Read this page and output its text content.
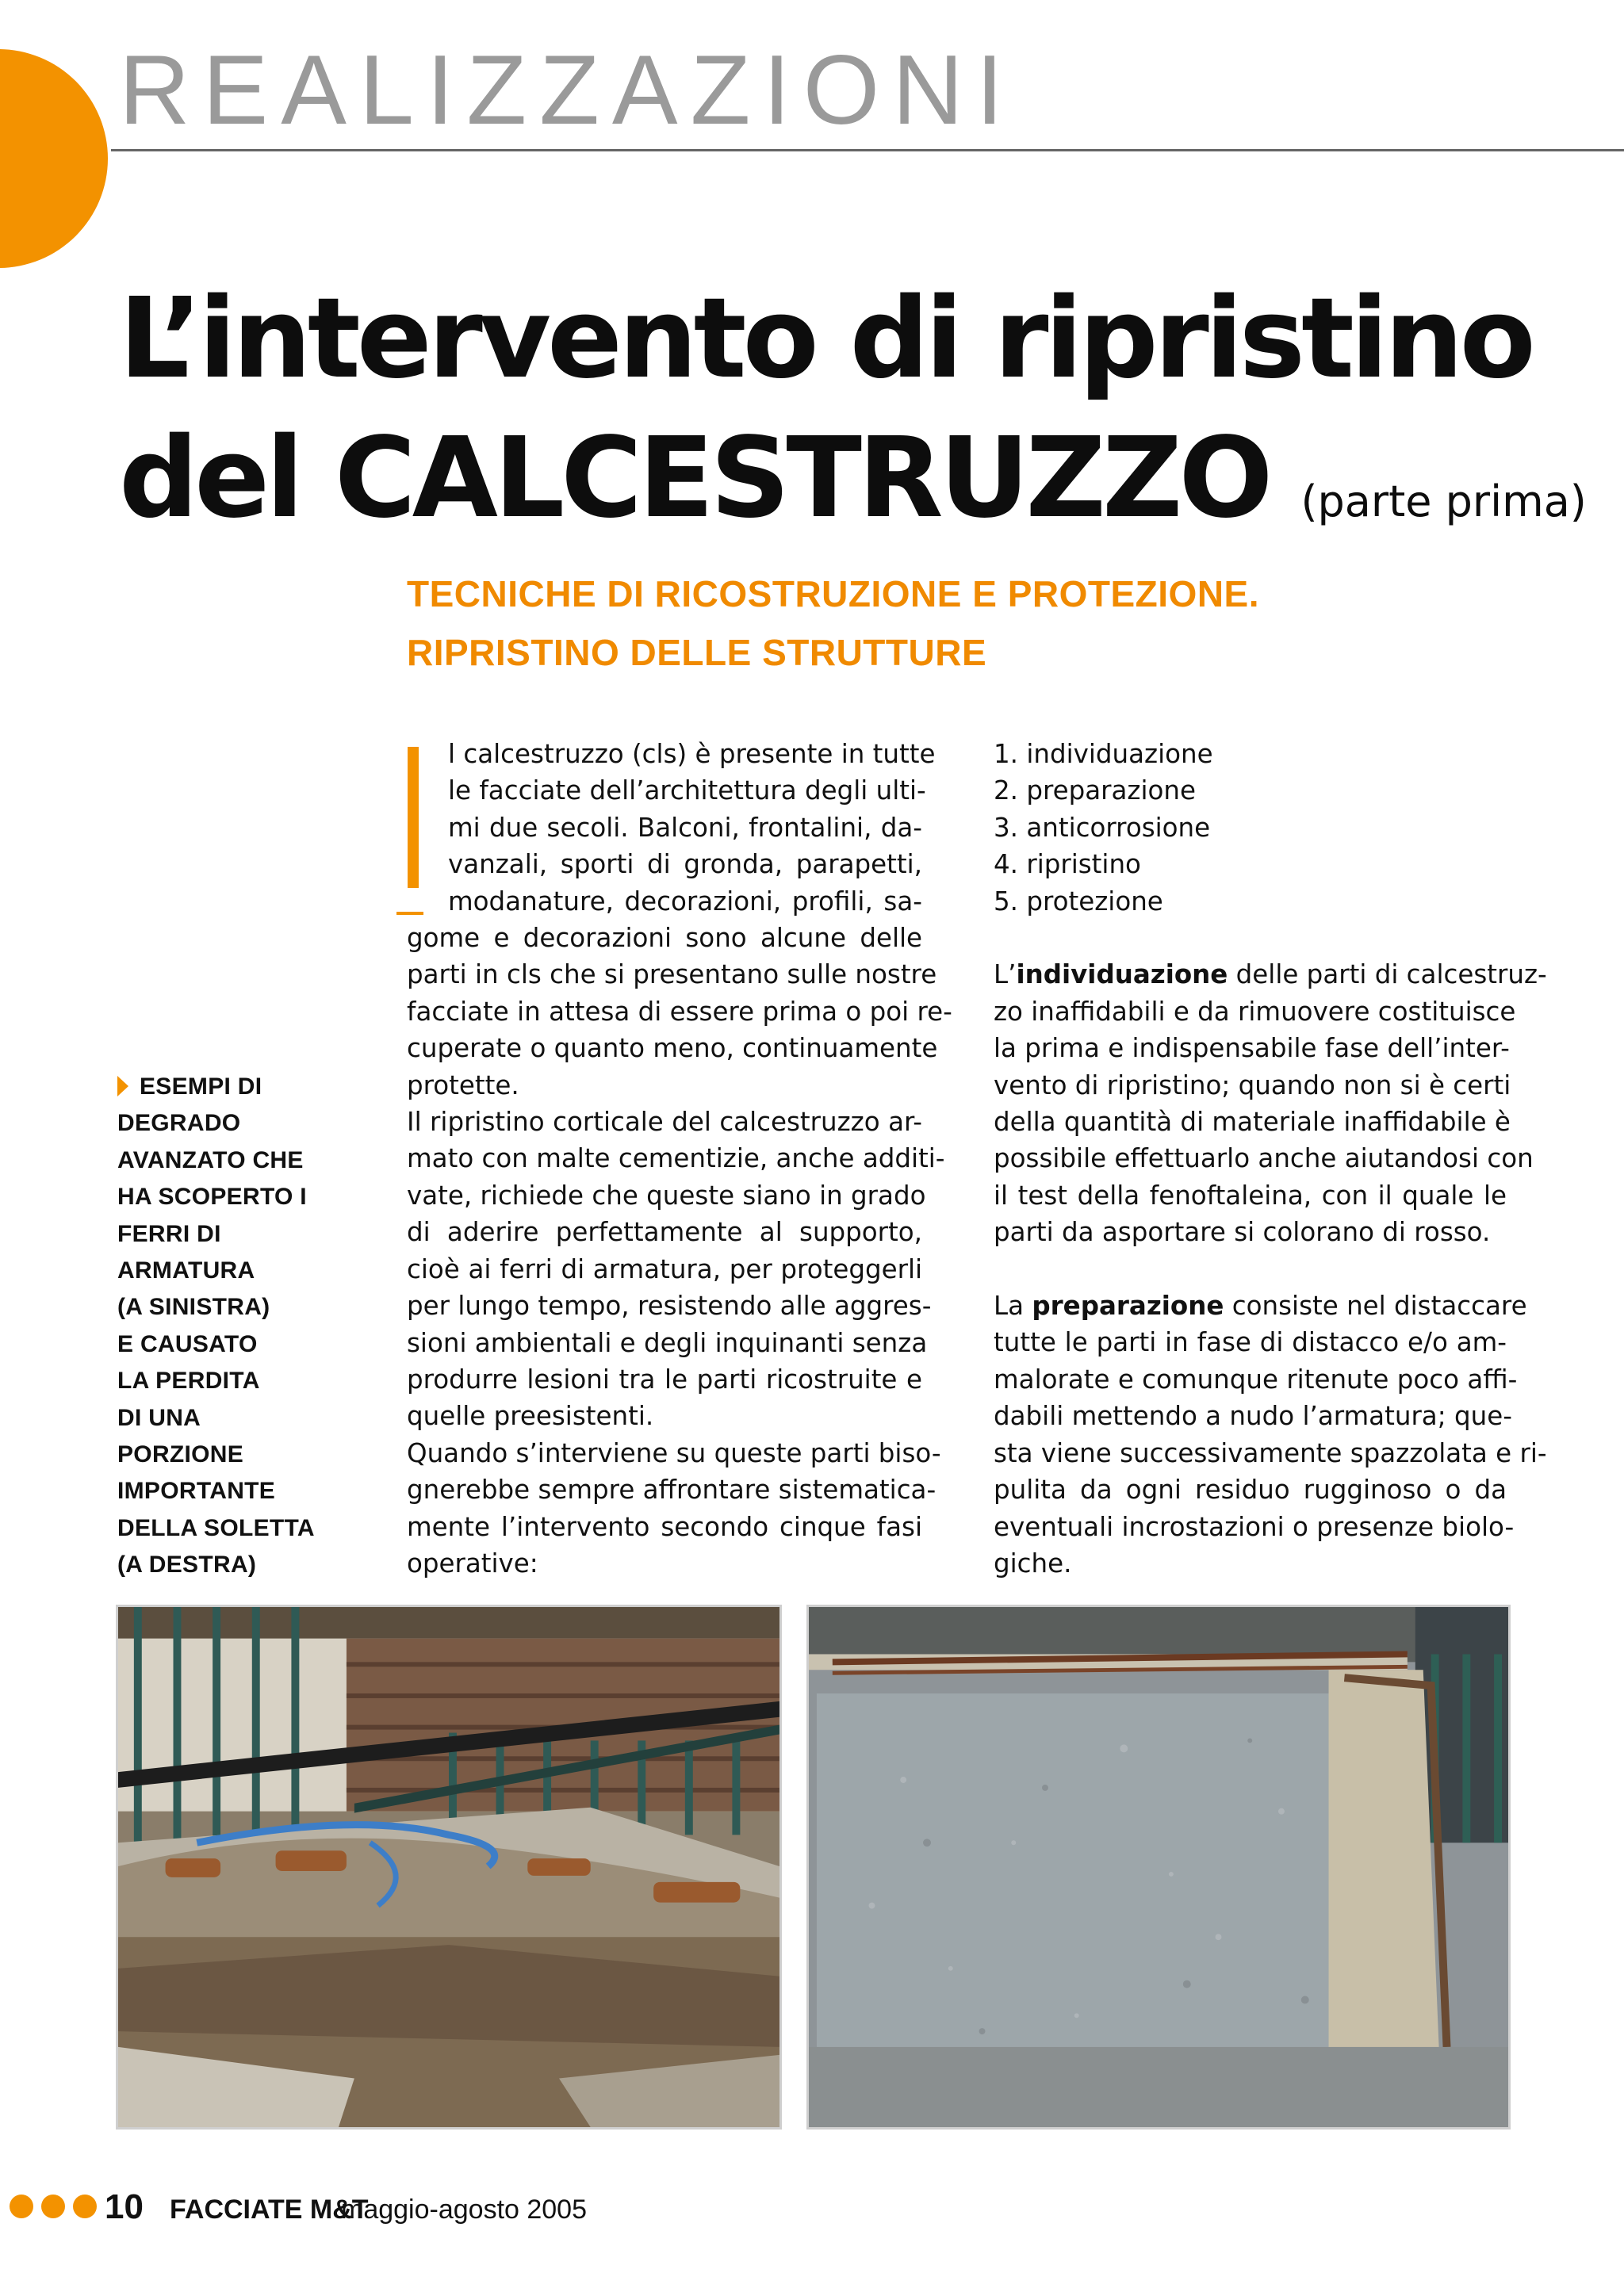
REALIZZAZIONI
L’intervento di ripristino
del CALCESTRUZZO (parte prima)
TECNICHE DI RICOSTRUZIONE E PROTEZIONE.
RIPRISTINO DELLE STRUTTURE
ESEMPI DI
DEGRADO
AVANZATO CHE
HA SCOPERTO I
FERRI DI
ARMATURA
(A SINISTRA)
E CAUSATO
LA PERDITA
DI UNA
PORZIONE
IMPORTANTE
DELLA SOLETTA
(A DESTRA)
l calcestruzzo (cls) è presente in tutte
le facciate dell’architettura degli ulti-
mi due secoli. Balconi, frontalini, da-
vanzali, sporti di gronda, parapetti,
modanature, decorazioni, profili, sa-
gome e decorazioni sono alcune delle
parti in cls che si presentano sulle nostre
facciate in attesa di essere prima o poi re-
cuperate o quanto meno, continuamente
protette.
Il ripristino corticale del calcestruzzo ar-
mato con malte cementizie, anche additi-
vate, richiede che queste siano in grado
di aderire perfettamente al supporto,
cioè ai ferri di armatura, per proteggerli
per lungo tempo, resistendo alle aggres-
sioni ambientali e degli inquinanti senza
produrre lesioni tra le parti ricostruite e
quelle preesistenti.
Quando s’interviene su queste parti biso-
gnerebbe sempre affrontare sistematica-
mente l’intervento secondo cinque fasi
operative:
1. individuazione
2. preparazione
3. anticorrosione
4. ripristino
5. protezione
L’individuazione delle parti di calcestruz-
zo inaffidabili e da rimuovere costituisce
la prima e indispensabile fase dell’inter-
vento di ripristino; quando non si è certi
della quantità di materiale inaffidabile è
possibile effettuarlo anche aiutandosi con
il test della fenoftaleina, con il quale le
parti da asportare si colorano di rosso.
La preparazione consiste nel distaccare
tutte le parti in fase di distacco e/o am-
malorate e comunque ritenute poco affi-
dabili mettendo a nudo l’armatura; que-
sta viene successivamente spazzolata e ri-
pulita da ogni residuo rugginoso o da
eventuali incrostazioni o presenze biolo-
giche.
10 FACCIATE M&T
maggio-agosto 2005
